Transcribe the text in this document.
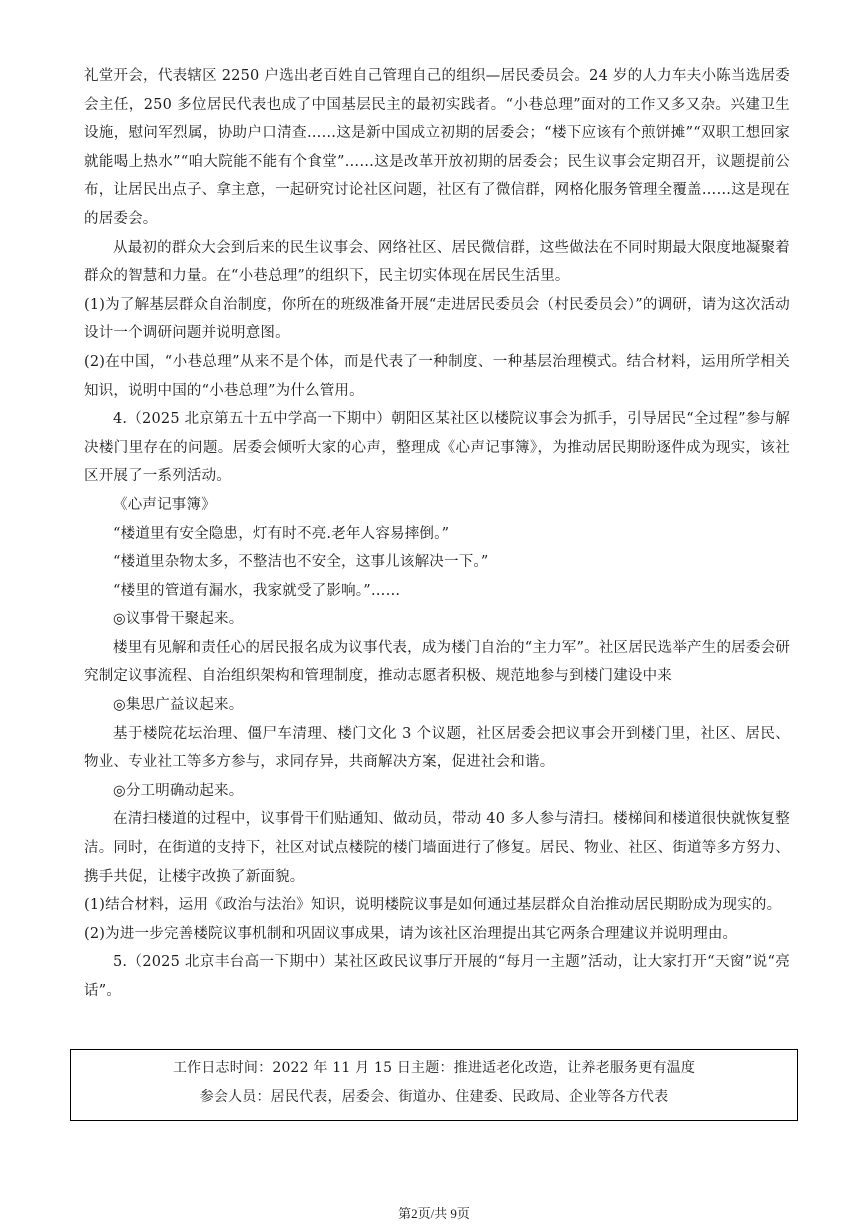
礼堂开会，代表辖区 2250 户选出老百姓自己管理自己的组织—居民委员会。24 岁的人力车夫小陈当选居委会主任，250 多位居民代表也成了中国基层民主的最初实践者。“小巷总理”面对的工作又多又杂。兴建卫生设施，慰问军烈属，协助户口清查……这是新中国成立初期的居委会；“楼下应该有个煎饼摊”“双职工想回家就能喝上热水”“咱大院能不能有个食堂”……这是改革开放初期的居委会；民生议事会定期召开，议题提前公布，让居民出点子、拿主意，一起研究讨论社区问题，社区有了微信群，网格化服务管理全覆盖……这是现在的居委会。

从最初的群众大会到后来的民生议事会、网络社区、居民微信群，这些做法在不同时期最大限度地凝聚着群众的智慧和力量。在“小巷总理”的组织下，民主切实体现在居民生活里。

(1)为了解基层群众自治制度，你所在的班级准备开展“走进居民委员会（村民委员会）”的调研，请为这次活动设计一个调研问题并说明意图。

(2)在中国，“小巷总理”从来不是个体，而是代表了一种制度、一种基层治理模式。结合材料，运用所学相关知识，说明中国的“小巷总理”为什么管用。

4.（2025 北京第五十五中学高一下期中）朝阳区某社区以楼院议事会为抓手，引导居民“全过程”参与解决楼门里存在的问题。居委会倾听大家的心声，整理成《心声记事簿》，为推动居民期盼逐件成为现实，该社区开展了一系列活动。

《心声记事簿》

“楼道里有安全隐患，灯有时不亮.老年人容易摔倒。”

“楼道里杂物太多，不整洁也不安全，这事儿该解决一下。”

“楼里的管道有漏水，我家就受了影响。”……

◎议事骨干聚起来。

楼里有见解和责任心的居民报名成为议事代表，成为楼门自治的“主力军”。社区居民选举产生的居委会研究制定议事流程、自治组织架构和管理制度，推动志愿者积极、规范地参与到楼门建设中来

◎集思广益议起来。

基于楼院花坛治理、僵尸车清理、楼门文化 3 个议题，社区居委会把议事会开到楼门里，社区、居民、物业、专业社工等多方参与，求同存异，共商解决方案，促进社会和谐。

◎分工明确动起来。

在清扫楼道的过程中，议事骨干们贴通知、做动员，带动 40 多人参与清扫。楼梯间和楼道很快就恢复整洁。同时，在街道的支持下，社区对试点楼院的楼门墙面进行了修复。居民、物业、社区、街道等多方努力、携手共促，让楼宇改换了新面貌。

(1)结合材料，运用《政治与法治》知识，说明楼院议事是如何通过基层群众自治推动居民期盼成为现实的。

(2)为进一步完善楼院议事机制和巩固议事成果，请为该社区治理提出其它两条合理建议并说明理由。

5.（2025 北京丰台高一下期中）某社区政民议事厅开展的“每月一主题”活动，让大家打开“天窗”说“亮话”。

工作日志时间：2022 年 11 月 15 日主题：推进适老化改造，让养老服务更有温度

参会人员：居民代表，居委会、街道办、住建委、民政局、企业等各方代表

第2页/共 9页
